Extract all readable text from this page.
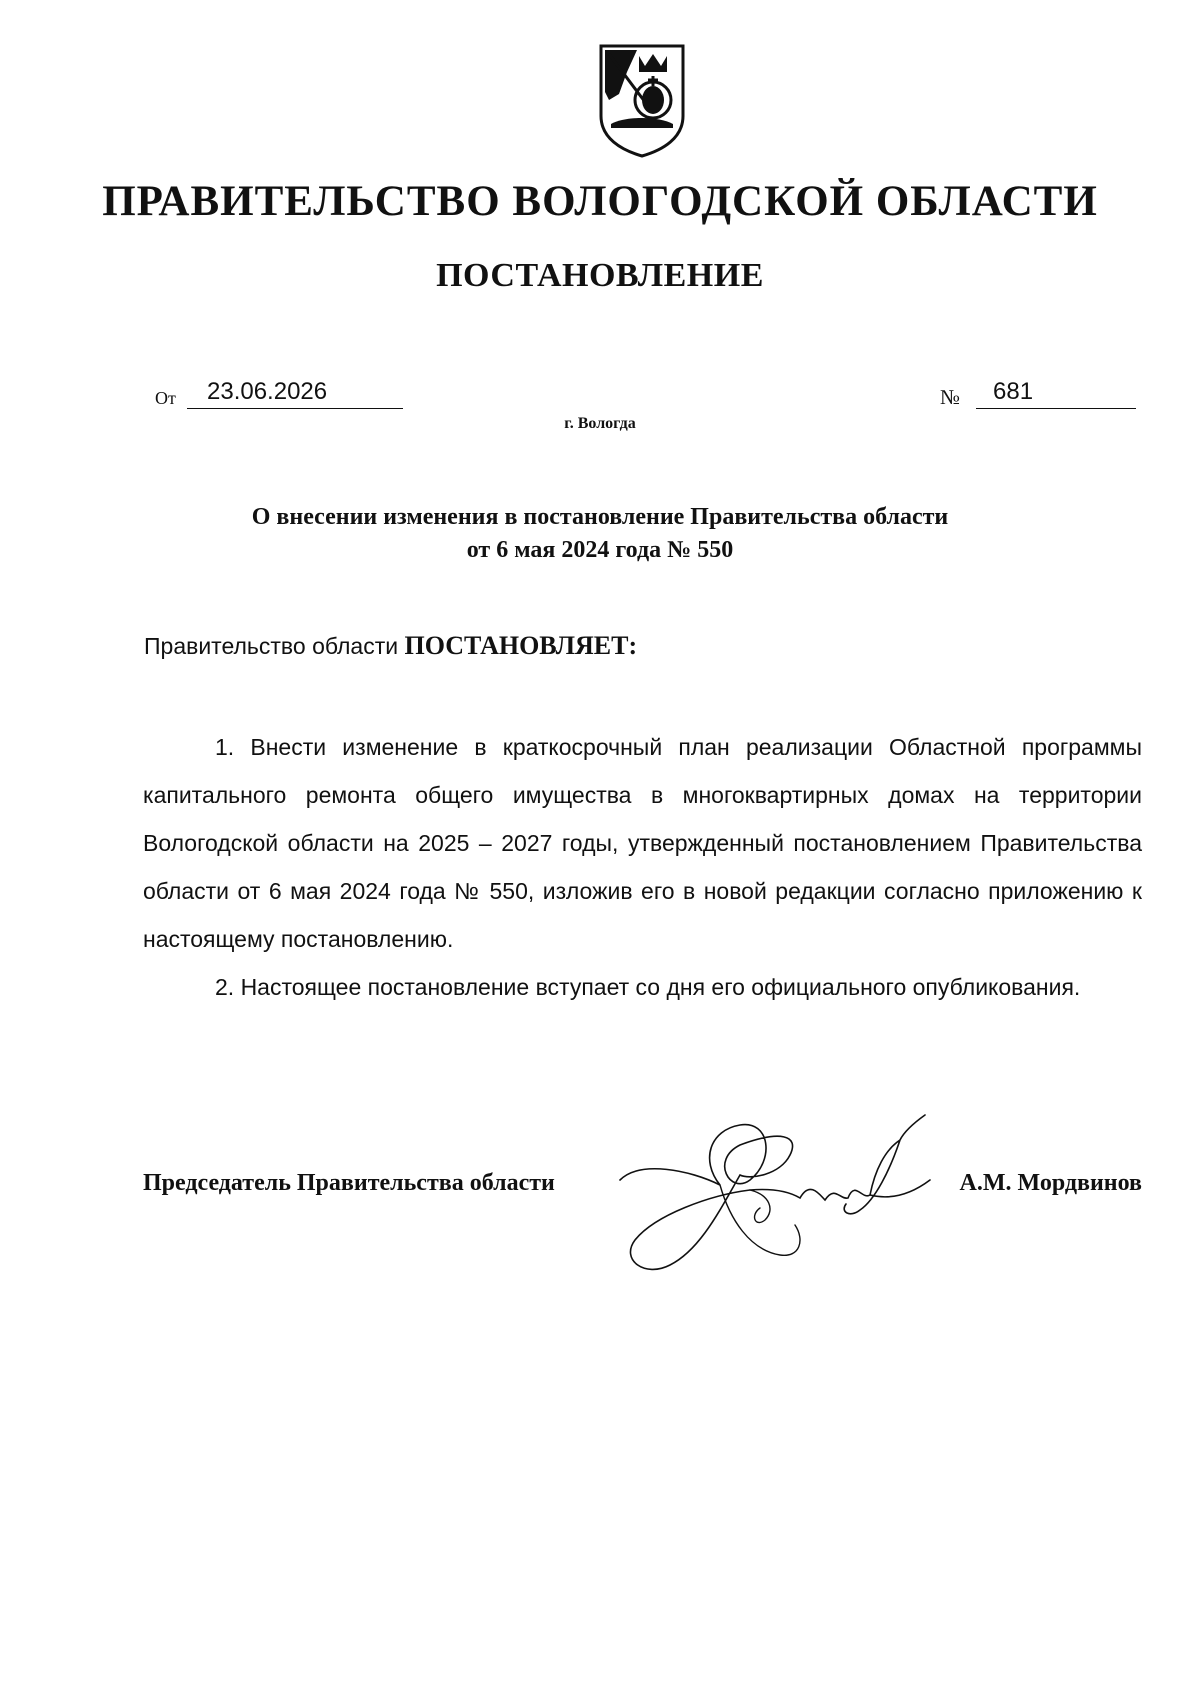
ПРАВИТЕЛЬСТВО ВОЛОГОДСКОЙ ОБЛАСТИ
ПОСТАНОВЛЕНИЕ
От 23.06.2026	№ 681
г. Вологда
О внесении изменения в постановление Правительства области
от 6 мая 2024 года № 550
Правительство области ПОСТАНОВЛЯЕТ:

1. Внести изменение в краткосрочный план реализации Областной программы капитального ремонта общего имущества в многоквартирных домах на территории Вологодской области на 2025 – 2027 годы, утвержденный постановлением Правительства области от 6 мая 2024 года № 550, изложив его в новой редакции согласно приложению к настоящему постановлению.

2. Настоящее постановление вступает со дня его официального опубликования.

Председатель Правительства области	А.М. Мордвинов
